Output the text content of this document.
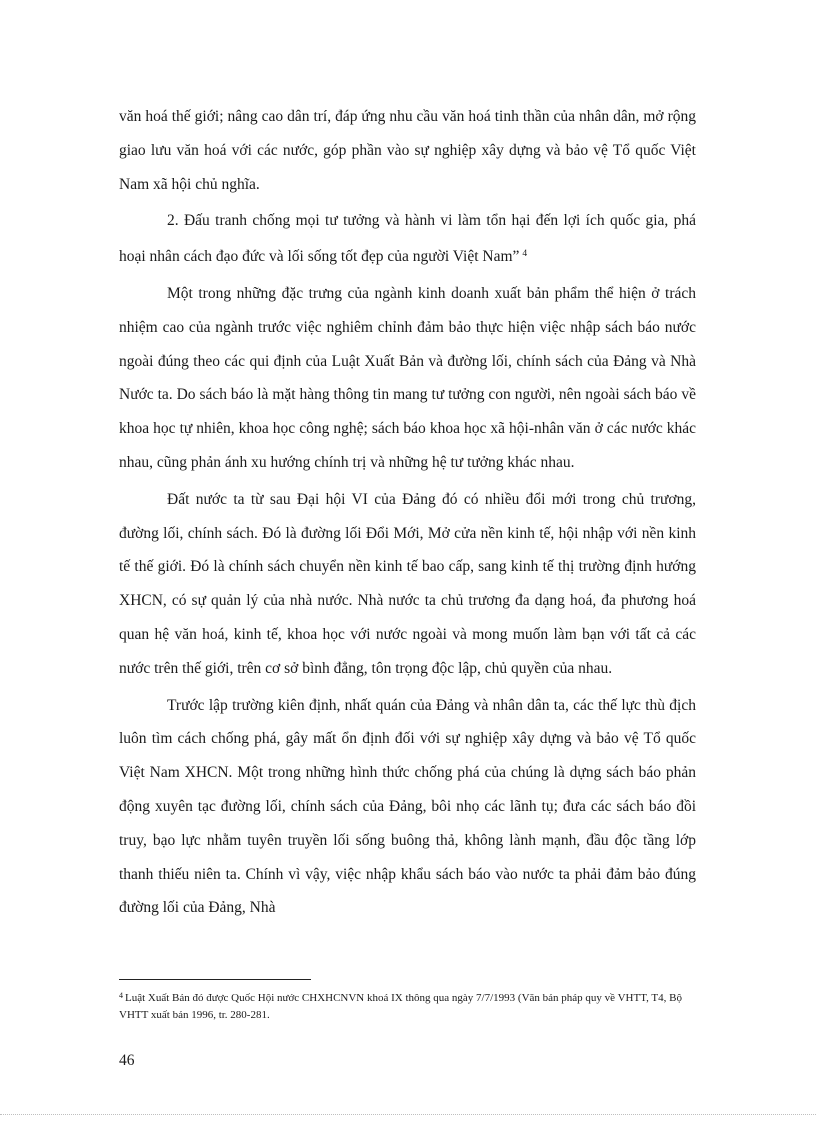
văn hoá thế giới; nâng cao dân trí, đáp ứng nhu cầu văn hoá tinh thần của nhân dân, mở rộng giao lưu văn hoá với các nước, góp phần vào sự nghiệp xây dựng và bảo vệ Tổ quốc Việt Nam xã hội chủ nghĩa.

2. Đấu tranh chống mọi tư tưởng và hành vi làm tổn hại đến lợi ích quốc gia, phá hoại nhân cách đạo đức và lối sống tốt đẹp của người Việt Nam” $^4$

Một trong những đặc trưng của ngành kinh doanh xuất bản phẩm thể hiện ở trách nhiệm cao của ngành trước việc nghiêm chỉnh đảm bảo thực hiện việc nhập sách báo nước ngoài đúng theo các qui định của Luật Xuất Bản và đường lối, chính sách của Đảng và Nhà Nước ta. Do sách báo là mặt hàng thông tin mang tư tưởng con người, nên ngoài sách báo về khoa học tự nhiên, khoa học công nghệ; sách báo khoa học xã hội-nhân văn ở các nước khác nhau, cũng phản ánh xu hướng chính trị và những hệ tư tưởng khác nhau.

Đất nước ta từ sau Đại hội VI của Đảng đó có nhiều đổi mới trong chủ trương, đường lối, chính sách. Đó là đường lối Đổi Mới, Mở cửa nền kinh tế, hội nhập với nền kinh tế thế giới. Đó là chính sách chuyển nền kinh tế bao cấp, sang kinh tế thị trường định hướng XHCN, có sự quản lý của nhà nước. Nhà nước ta chủ trương đa dạng hoá, đa phương hoá quan hệ văn hoá, kinh tế, khoa học với nước ngoài và mong muốn làm bạn với tất cả các nước trên thế giới, trên cơ sở bình đẳng, tôn trọng độc lập, chủ quyền của nhau.

Trước lập trường kiên định, nhất quán của Đảng và nhân dân ta, các thế lực thù địch luôn tìm cách chống phá, gây mất ổn định đối với sự nghiệp xây dựng và bảo vệ Tổ quốc Việt Nam XHCN. Một trong những hình thức chống phá của chúng là dựng sách báo phản động xuyên tạc đường lối, chính sách của Đảng, bôi nhọ các lãnh tụ; đưa các sách báo đồi truy, bạo lực nhằm tuyên truyền lối sống buông thả, không lành mạnh, đầu độc tầng lớp thanh thiếu niên ta. Chính vì vậy, việc nhập khẩu sách báo vào nước ta phải đảm bảo đúng đường lối của Đảng, Nhà

$^4$ Luật Xuất Bản đó được Quốc Hội nước CHXHCNVN khoá IX thông qua ngày 7/7/1993 (Văn bản pháp quy về VHTT, T4, Bộ VHTT xuất bản 1996, tr. 280-281.
46
